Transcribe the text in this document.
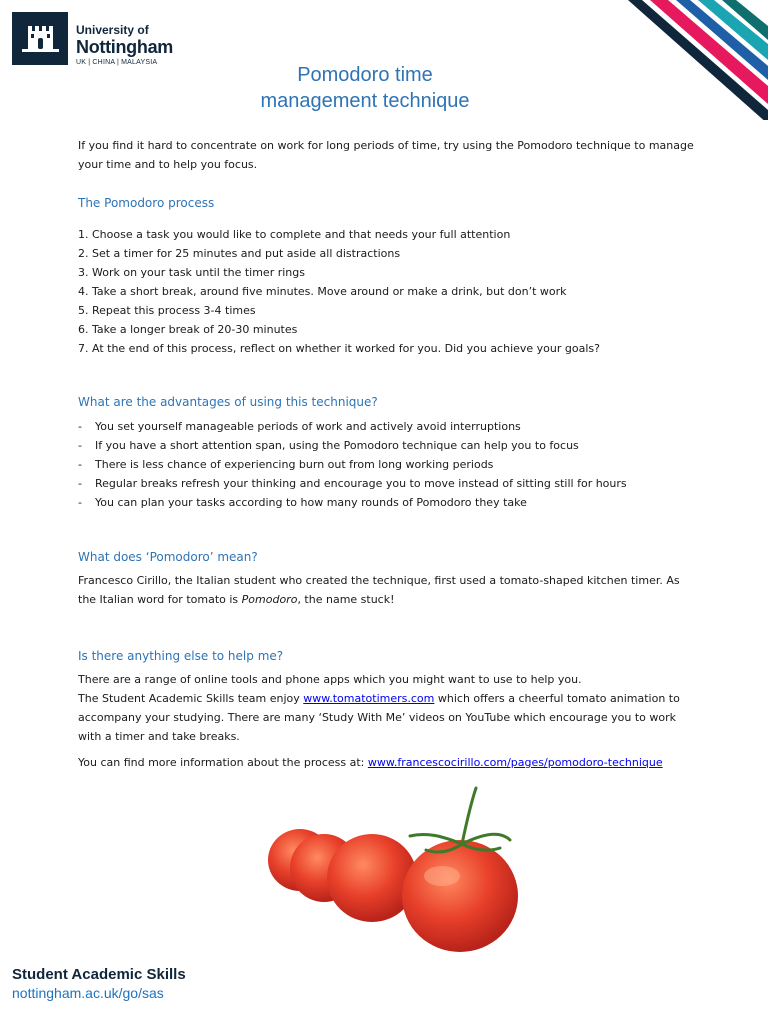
University of
Nottingham
UK | CHINA | MALAYSIA
Pomodoro time
management technique
If you find it hard to concentrate on work for long periods of time, try using the Pomodoro technique to manage your time and to help you focus.
The Pomodoro process
1. Choose a task you would like to complete and that needs your full attention
2. Set a timer for 25 minutes and put aside all distractions
3. Work on your task until the timer rings
4. Take a short break, around five minutes. Move around or make a drink, but don’t work
5. Repeat this process 3-4 times
6. Take a longer break of 20-30 minutes
7. At the end of this process, reflect on whether it worked for you. Did you achieve your goals?
What are the advantages of using this technique?
- You set yourself manageable periods of work and actively avoid interruptions
- If you have a short attention span, using the Pomodoro technique can help you to focus
- There is less chance of experiencing burn out from long working periods
- Regular breaks refresh your thinking and encourage you to move instead of sitting still for hours
- You can plan your tasks according to how many rounds of Pomodoro they take
What does ‘Pomodoro’ mean?
Francesco Cirillo, the Italian student who created the technique, first used a tomato-shaped kitchen timer. As the Italian word for tomato is Pomodoro, the name stuck!
Is there anything else to help me?
There are a range of online tools and phone apps which you might want to use to help you.
The Student Academic Skills team enjoy www.tomatotimers.com which offers a cheerful tomato animation to accompany your studying. There are many ‘Study With Me’ videos on YouTube which encourage you to work with a timer and take breaks.
You can find more information about the process at: www.francescocirillo.com/pages/pomodoro-technique
Student Academic Skills
nottingham.ac.uk/go/sas
